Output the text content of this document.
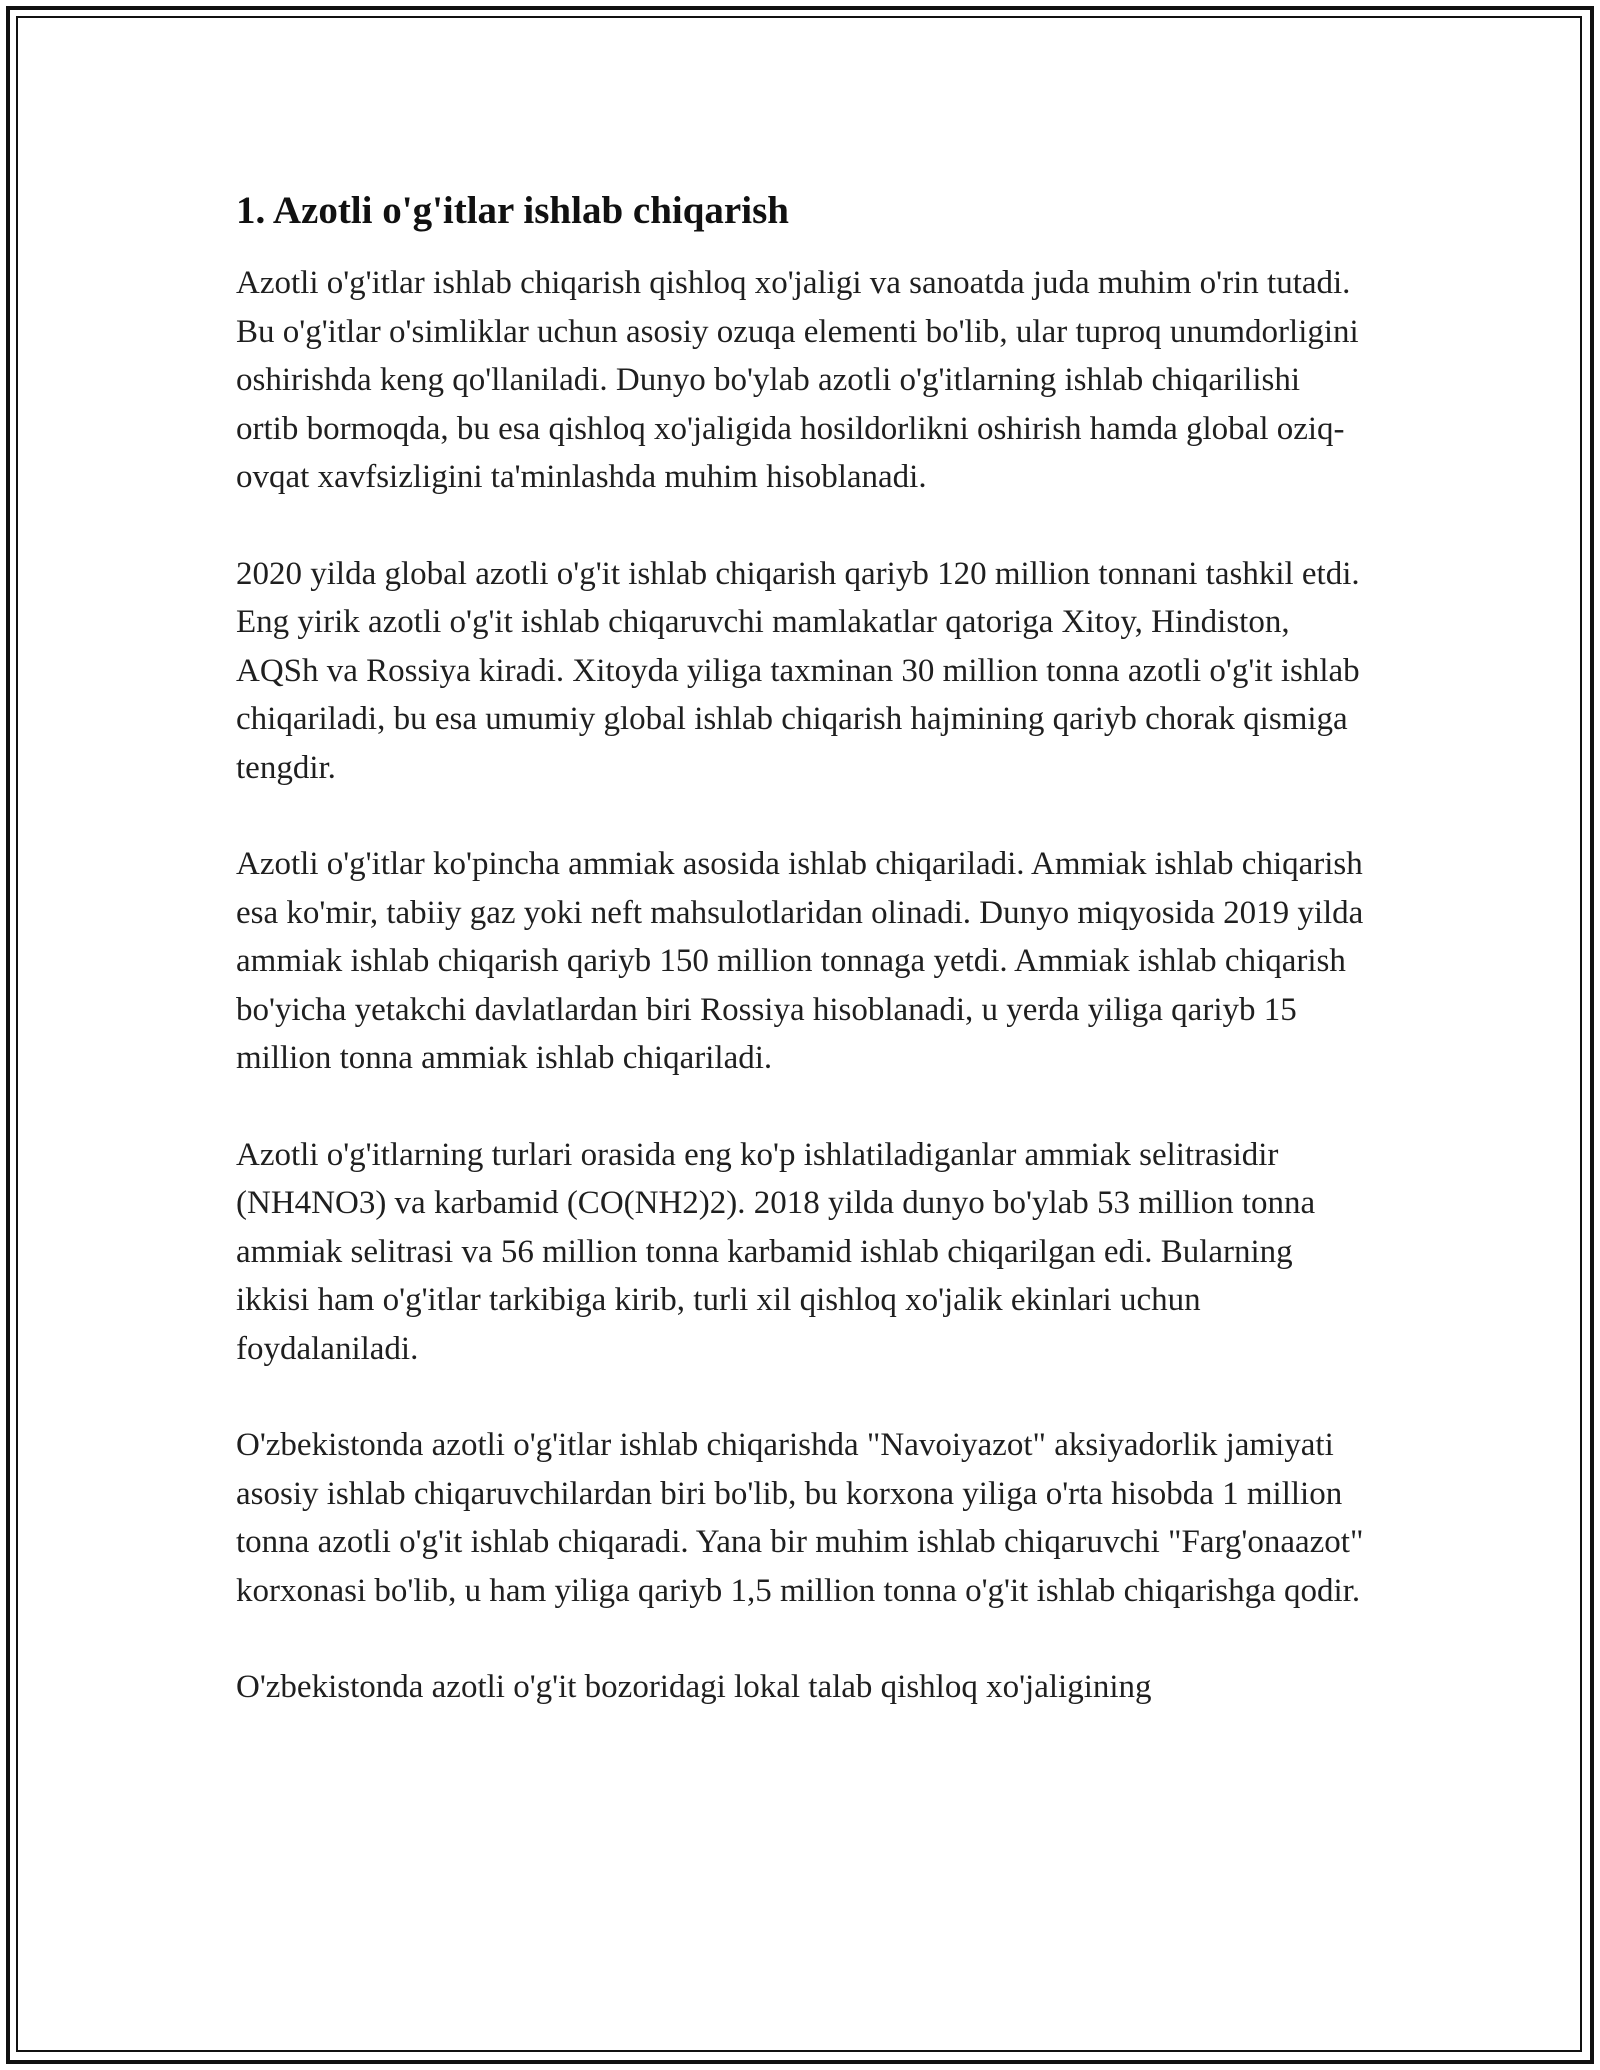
1. Azotli o'g'itlar ishlab chiqarish

Azotli o'g'itlar ishlab chiqarish qishloq xo'jaligi va sanoatda juda muhim o'rin tutadi. Bu o'g'itlar o'simliklar uchun asosiy ozuqa elementi bo'lib, ular tuproq unumdorligini oshirishda keng qo'llaniladi. Dunyo bo'ylab azotli o'g'itlarning ishlab chiqarilishi ortib bormoqda, bu esa qishloq xo'jaligida hosildorlikni oshirish hamda global oziq-ovqat xavfsizligini ta'minlashda muhim hisoblanadi.

2020 yilda global azotli o'g'it ishlab chiqarish qariyb 120 million tonnani tashkil etdi. Eng yirik azotli o'g'it ishlab chiqaruvchi mamlakatlar qatoriga Xitoy, Hindiston, AQSh va Rossiya kiradi. Xitoyda yiliga taxminan 30 million tonna azotli o'g'it ishlab chiqariladi, bu esa umumiy global ishlab chiqarish hajmining qariyb chorak qismiga tengdir.

Azotli o'g'itlar ko'pincha ammiak asosida ishlab chiqariladi. Ammiak ishlab chiqarish esa ko'mir, tabiiy gaz yoki neft mahsulotlaridan olinadi. Dunyo miqyosida 2019 yilda ammiak ishlab chiqarish qariyb 150 million tonnaga yetdi. Ammiak ishlab chiqarish bo'yicha yetakchi davlatlardan biri Rossiya hisoblanadi, u yerda yiliga qariyb 15 million tonna ammiak ishlab chiqariladi.

Azotli o'g'itlarning turlari orasida eng ko'p ishlatiladiganlar ammiak selitrasidir (NH4NO3) va karbamid (CO(NH2)2). 2018 yilda dunyo bo'ylab 53 million tonna ammiak selitrasi va 56 million tonna karbamid ishlab chiqarilgan edi. Bularning ikkisi ham o'g'itlar tarkibiga kirib, turli xil qishloq xo'jalik ekinlari uchun foydalaniladi.

O'zbekistonda azotli o'g'itlar ishlab chiqarishda "Navoiyazot" aksiyadorlik jamiyati asosiy ishlab chiqaruvchilardan biri bo'lib, bu korxona yiliga o'rta hisobda 1 million tonna azotli o'g'it ishlab chiqaradi. Yana bir muhim ishlab chiqaruvchi "Farg'onaazot" korxonasi bo'lib, u ham yiliga qariyb 1,5 million tonna o'g'it ishlab chiqarishga qodir.

O'zbekistonda azotli o'g'it bozoridagi lokal talab qishloq xo'jaligining
